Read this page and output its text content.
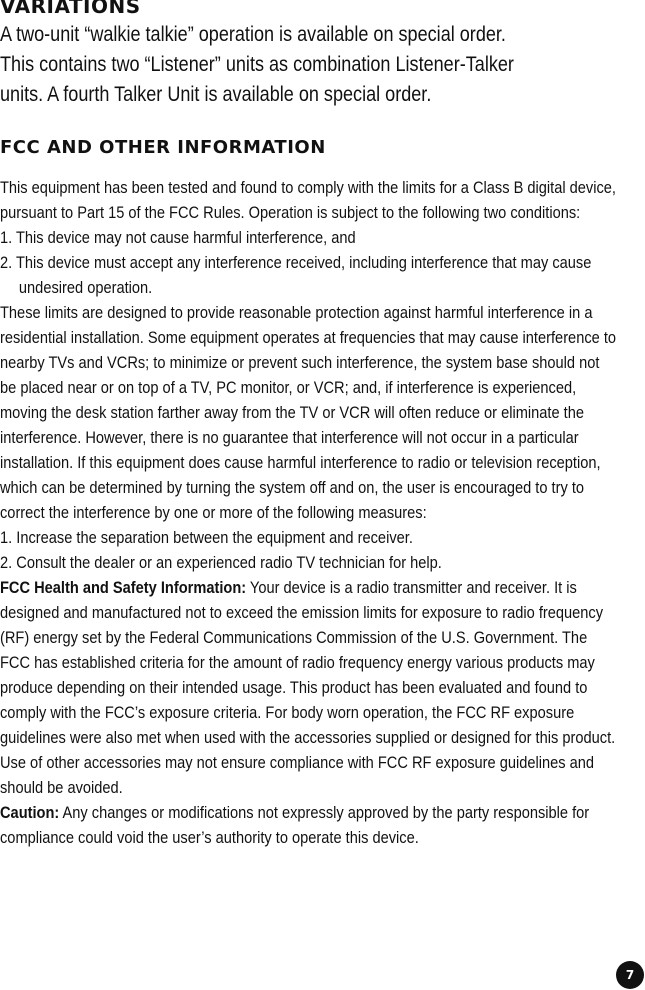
VARIATIONS

A two-unit “walkie talkie” operation is available on special order.
This contains two “Listener” units as combination Listener-Talker
units. A fourth Talker Unit is available on special order.

FCC AND OTHER INFORMATION

This equipment has been tested and found to comply with the limits for a Class B digital device, pursuant to Part 15 of the FCC Rules. Operation is subject to the following two conditions:

1. This device may not cause harmful interference, and
2. This device must accept any interference received, including interference that may cause undesired operation.

These limits are designed to provide reasonable protection against harmful interference in a residential installation. Some equipment operates at frequencies that may cause interference to nearby TVs and VCRs; to minimize or prevent such interference, the system base should not be placed near or on top of a TV, PC monitor, or VCR; and, if interference is experienced, moving the desk station farther away from the TV or VCR will often reduce or eliminate the interference. However, there is no guarantee that interference will not occur in a particular installation. If this equipment does cause harmful interference to radio or television reception, which can be determined by turning the system off and on, the user is encouraged to try to correct the interference by one or more of the following measures:

1. Increase the separation between the equipment and receiver.
2. Consult the dealer or an experienced radio TV technician for help.

FCC Health and Safety Information: Your device is a radio transmitter and receiver. It is designed and manufactured not to exceed the emission limits for exposure to radio frequency (RF) energy set by the Federal Communications Commission of the U.S. Government. The FCC has established criteria for the amount of radio frequency energy various products may produce depending on their intended usage. This product has been evaluated and found to comply with the FCC’s exposure criteria. For body worn operation, the FCC RF exposure guidelines were also met when used with the accessories supplied or designed for this product. Use of other accessories may not ensure compliance with FCC RF exposure guidelines and should be avoided.

Caution: Any changes or modifications not expressly approved by the party responsible for compliance could void the user’s authority to operate this device.

7
